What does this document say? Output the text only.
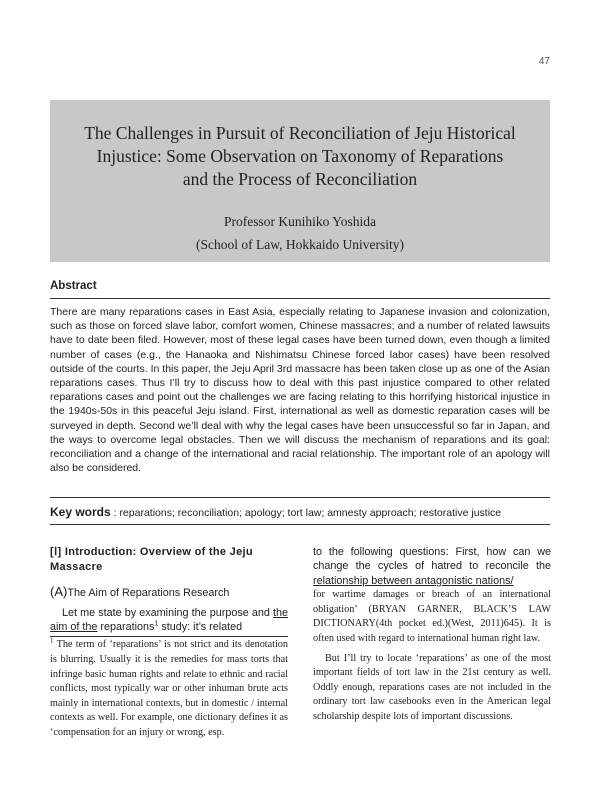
47
The Challenges in Pursuit of Reconciliation of Jeju Historical
Injustice: Some Observation on Taxonomy of Reparations
and the Process of Reconciliation
Professor Kunihiko Yoshida
(School of Law, Hokkaido University)
Abstract
There are many reparations cases in East Asia, especially relating to Japanese invasion and colonization, such as those on forced slave labor, comfort women, Chinese massacres; and a number of related lawsuits have to date been filed. However, most of these legal cases have been turned down, even though a limited number of cases (e.g., the Hanaoka and Nishimatsu Chinese forced labor cases) have been resolved outside of the courts. In this paper, the Jeju April 3rd massacre has been taken close up as one of the Asian reparations cases. Thus I’ll try to discuss how to deal with this past injustice compared to other related reparations cases and point out the challenges we are facing relating to this horrifying historical injustice in the 1940s-50s in this peaceful Jeju island. First, international as well as domestic reparation cases will be surveyed in depth. Second we’ll deal with why the legal cases have been unsuccessful so far in Japan, and the ways to overcome legal obstacles. Then we will discuss the mechanism of reparations and its goal: reconciliation and a change of the international and racial relationship. The important role of an apology will also be considered.
Key words : reparations; reconciliation; apology; tort law; amnesty approach; restorative justice
[Ⅰ] Introduction: Overview of the Jeju Massacre
(A)The Aim of Reparations Research
Let me state by examining the purpose and the aim of the reparations$^1$ study: it’s related
$^1$ The term of ‘reparations’ is not strict and its denotation is blurring. Usually it is the remedies for mass torts that infringe basic human rights and relate to ethnic and racial conflicts, most typically war or other inhuman brute acts mainly in international contexts, but in domestic / internal contexts as well. For example, one dictionary defines it as ‘compensation for an injury or wrong, esp.
to the following questions: First, how can we change the cycles of hatred to reconcile the relationship between antagonistic nations/
for wartime damages or breach of an international obligation’ (BRYAN GARNER, BLACK’S LAW DICTIONARY(4th pocket ed.)(West, 2011)645). It is often used with regard to international human right law.
But I’ll try to locate ‘reparations’ as one of the most important fields of tort law in the 21st century as well. Oddly enough, reparations cases are not included in the ordinary tort law casebooks even in the American legal scholarship despite lots of important discussions.
